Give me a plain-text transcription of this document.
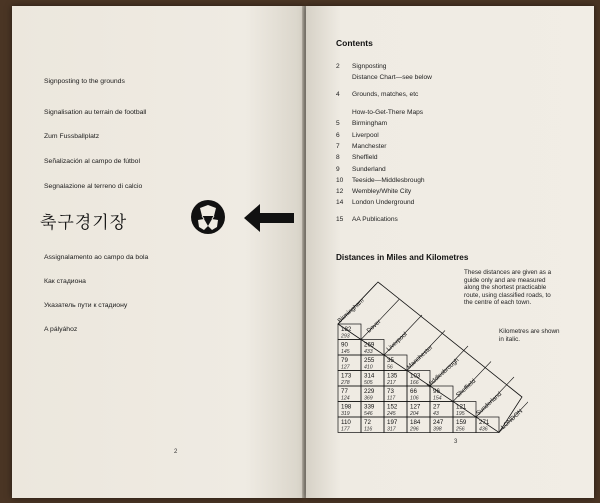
Signposting to the grounds
Signalisation au terrain de football
Zum Fussballplatz
Señalización al campo de fútbol
Segnalazione al terreno di calcio
축구경기장
Assignalamento ao campo da bola
Как стадиона
Указатель пути к стадиону
A pályához
2
Contents
2 Signposting
Distance Chart—see below
4 Grounds, matches, etc
How-to-Get-There Maps
5 Birmingham
6 Liverpool
7 Manchester
8 Sheffield
9 Sunderland
10 Teeside—Middlesbrough
12 Wembley/White City
14 London Underground
15 AA Publications
Distances in Miles and Kilometres
These distances are given as a
guide only and are measured
along the shortest practicable
route, using classified roads, to
the centre of each town.
Kilometres are shown
in italic.
182
293
90
145
269
433
79
127
255
410
35
56
173
278
314
505
135
217
103
166
77
124
229
369
73
117
66
106
96
154
198
319
339
546
152
245
127
204
27
43
121
195
110
177
72
116
197
317
184
296
247
398
159
256
271
436
Birmingham
Dover
Liverpool
Manchester
Middlesbrough
Sheffield
Sunderland
LONDON
3
